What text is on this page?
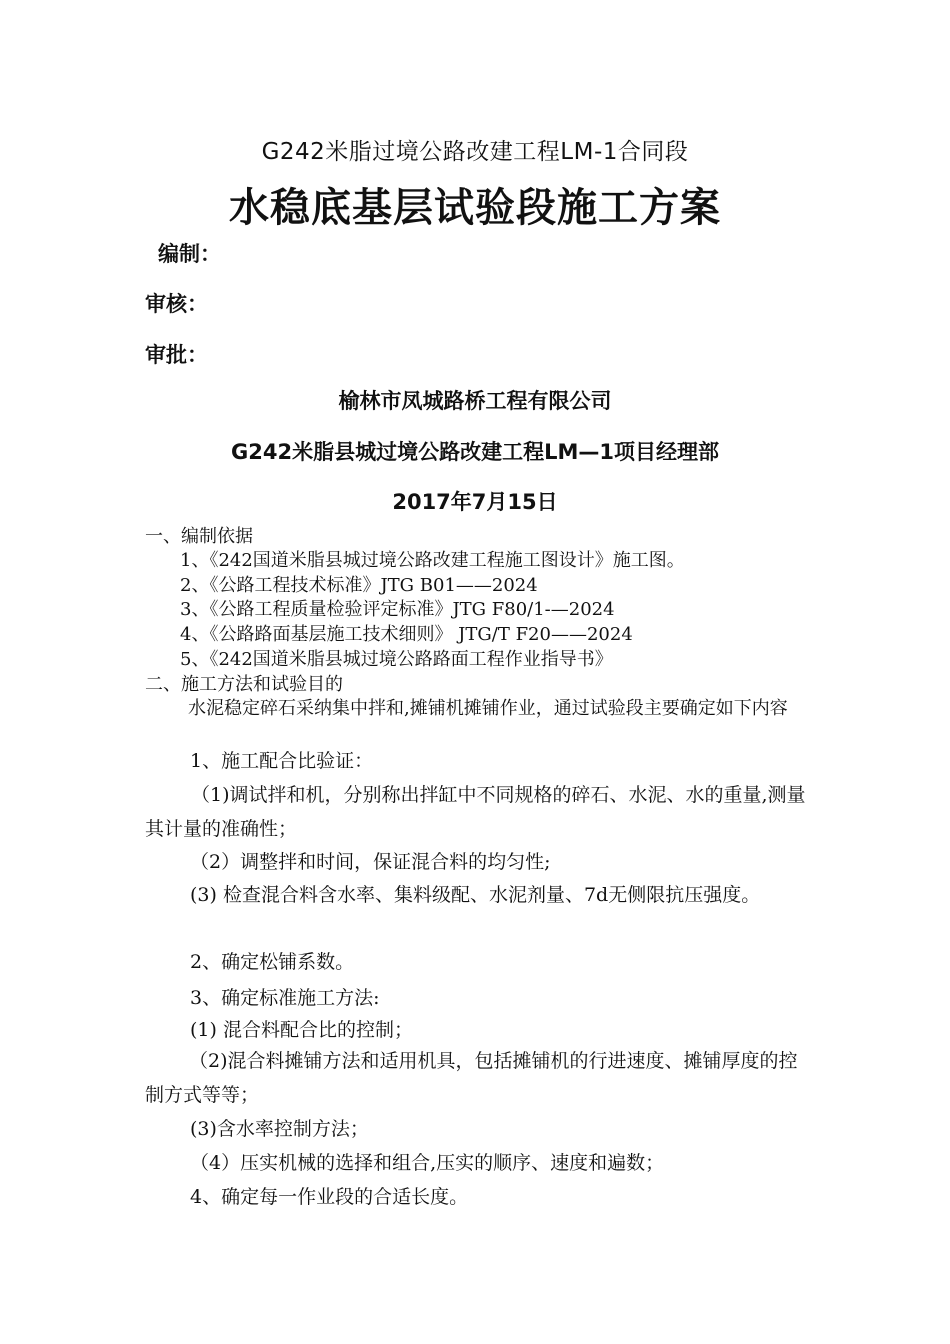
G242米脂过境公路改建工程LM-1合同段
水稳底基层试验段施工方案
编制：
审核：
审批：
榆林市凤城路桥工程有限公司
G242米脂县城过境公路改建工程LM—1项目经理部
2017年7月15日
一、编制依据
1、《242国道米脂县城过境公路改建工程施工图设计》施工图。
2、《公路工程技术标准》JTG B01——2024
3、《公路工程质量检验评定标准》JTG F80/1-—2024
4、《公路路面基层施工技术细则》 JTG/T F20——2024
5、《242国道米脂县城过境公路路面工程作业指导书》
二、施工方法和试验目的
水泥稳定碎石采纳集中拌和,摊铺机摊铺作业，通过试验段主要确定如下内容
1、施工配合比验证：
（1)调试拌和机，分别称出拌缸中不同规格的碎石、水泥、水的重量,测量其计量的准确性；
（2）调整拌和时间，保证混合料的均匀性;
(3) 检查混合料含水率、集料级配、水泥剂量、7d无侧限抗压强度。
2、确定松铺系数。
3、确定标准施工方法:
(1) 混合料配合比的控制；
（2)混合料摊铺方法和适用机具，包括摊铺机的行进速度、摊铺厚度的控制方式等等；
(3)含水率控制方法；
（4）压实机械的选择和组合,压实的顺序、速度和遍数；
4、确定每一作业段的合适长度。
